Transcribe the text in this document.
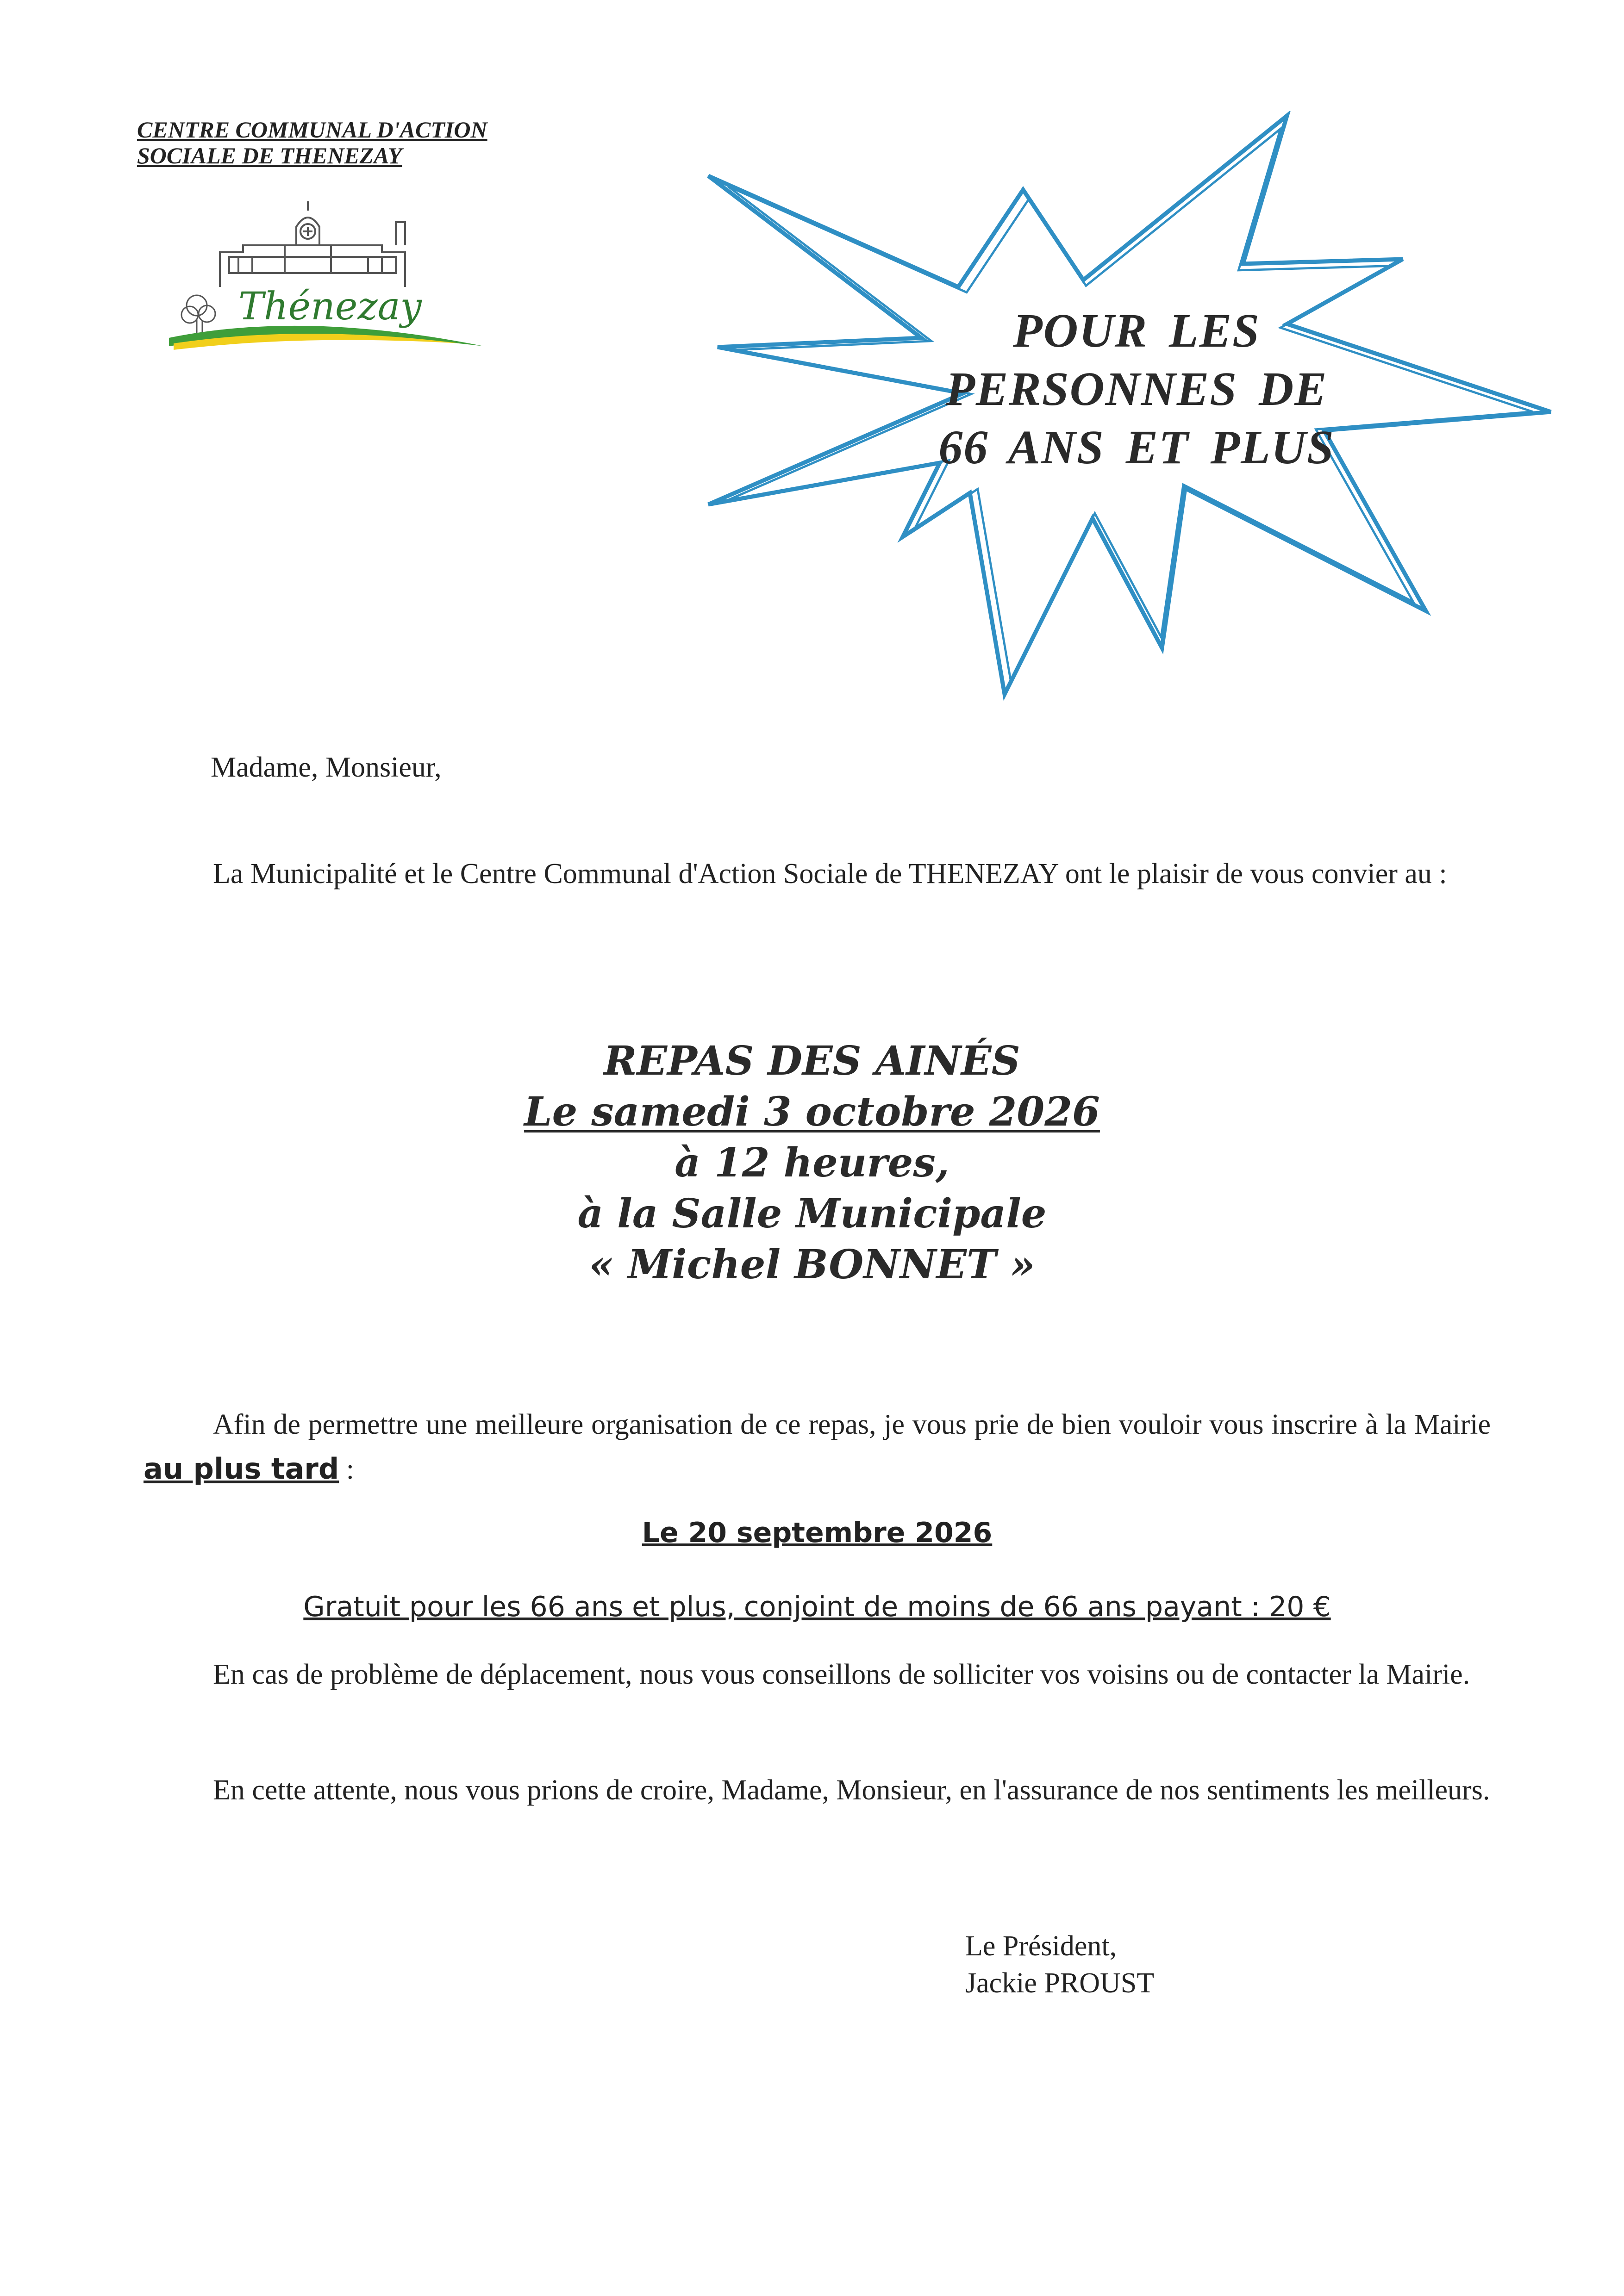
CENTRE COMMUNAL D'ACTION
SOCIALE DE THENEZAY
Thénezay	POUR LES
PERSONNES DE
66 ANS ET PLUS
Madame, Monsieur,
La Municipalité et le Centre Communal d'Action Sociale de THENEZAY ont le plaisir de vous convier au :
REPAS DES AINÉS
Le samedi 3 octobre 2026
à 12 heures,
à la Salle Municipale
« Michel BONNET »
Afin de permettre une meilleure organisation de ce repas, je vous prie de bien vouloir vous inscrire à la Mairie au plus tard :
Le 20 septembre 2026
Gratuit pour les 66 ans et plus, conjoint de moins de 66 ans payant : 20 €
En cas de problème de déplacement, nous vous conseillons de solliciter vos voisins ou de contacter la Mairie.
En cette attente, nous vous prions de croire, Madame, Monsieur, en l'assurance de nos sentiments les meilleurs.
Le Président,
Jackie PROUST
